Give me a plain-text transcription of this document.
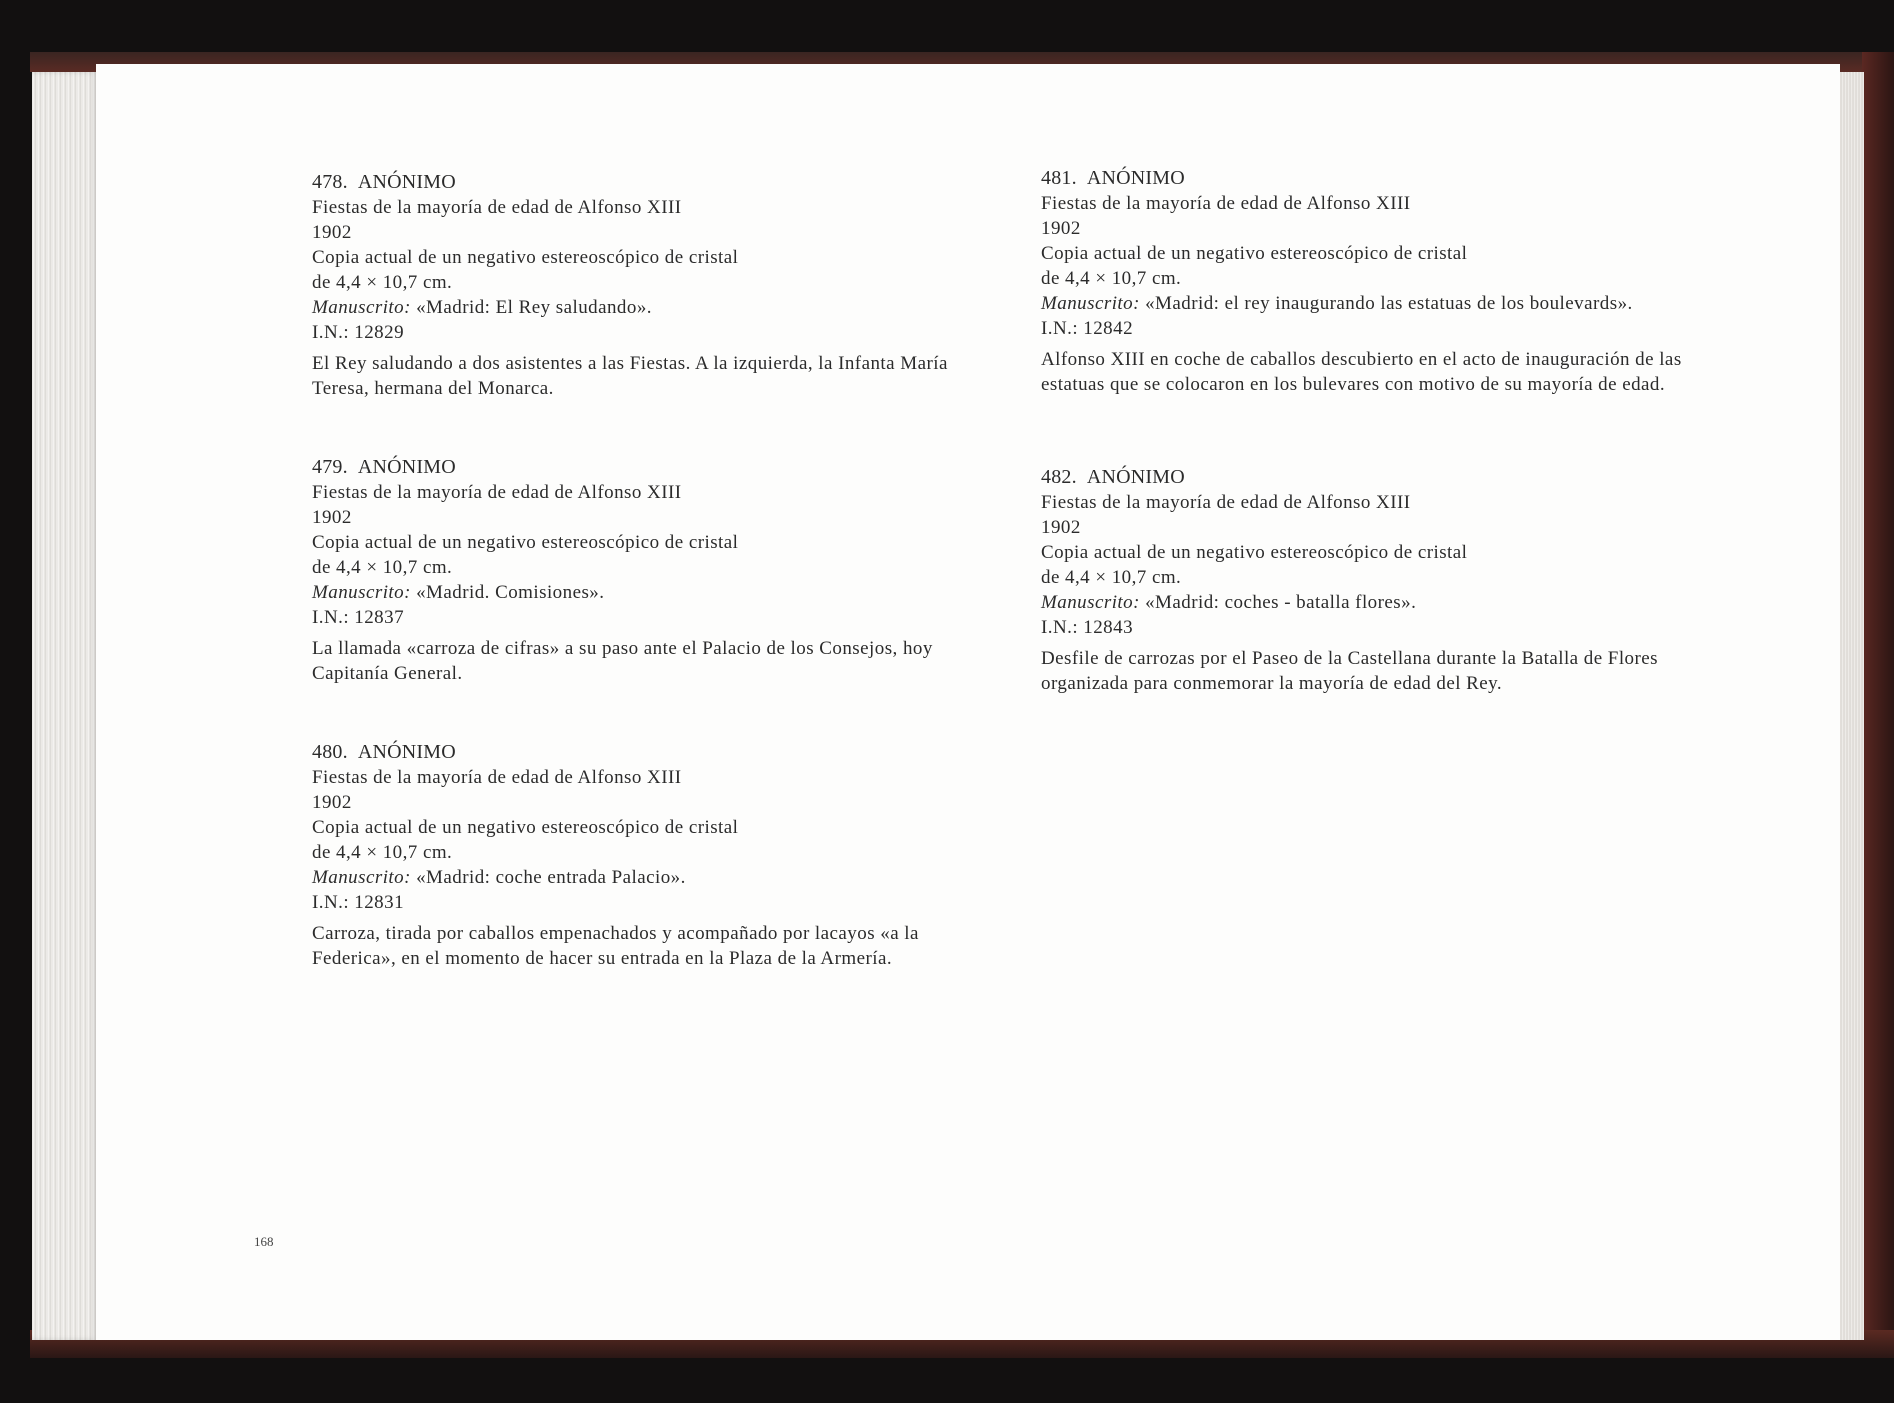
478. ANÓNIMO
Fiestas de la mayoría de edad de Alfonso XIII
1902
Copia actual de un negativo estereoscópico de cristal
de 4,4 × 10,7 cm.
Manuscrito: «Madrid: El Rey saludando».
I.N.: 12829
El Rey saludando a dos asistentes a las Fiestas. A la izquierda, la Infanta María Teresa, hermana del Monarca.
479. ANÓNIMO
Fiestas de la mayoría de edad de Alfonso XIII
1902
Copia actual de un negativo estereoscópico de cristal
de 4,4 × 10,7 cm.
Manuscrito: «Madrid. Comisiones».
I.N.: 12837
La llamada «carroza de cifras» a su paso ante el Palacio de los Consejos, hoy Capitanía General.
480. ANÓNIMO
Fiestas de la mayoría de edad de Alfonso XIII
1902
Copia actual de un negativo estereoscópico de cristal
de 4,4 × 10,7 cm.
Manuscrito: «Madrid: coche entrada Palacio».
I.N.: 12831
Carroza, tirada por caballos empenachados y acompañado por lacayos «a la Federica», en el momento de hacer su entrada en la Plaza de la Armería.
481. ANÓNIMO
Fiestas de la mayoría de edad de Alfonso XIII
1902
Copia actual de un negativo estereoscópico de cristal
de 4,4 × 10,7 cm.
Manuscrito: «Madrid: el rey inaugurando las estatuas de los boulevards».
I.N.: 12842
Alfonso XIII en coche de caballos descubierto en el acto de inauguración de las estatuas que se colocaron en los bulevares con motivo de su mayoría de edad.
482. ANÓNIMO
Fiestas de la mayoría de edad de Alfonso XIII
1902
Copia actual de un negativo estereoscópico de cristal
de 4,4 × 10,7 cm.
Manuscrito: «Madrid: coches - batalla flores».
I.N.: 12843
Desfile de carrozas por el Paseo de la Castellana durante la Batalla de Flores organizada para conmemorar la mayoría de edad del Rey.
168
